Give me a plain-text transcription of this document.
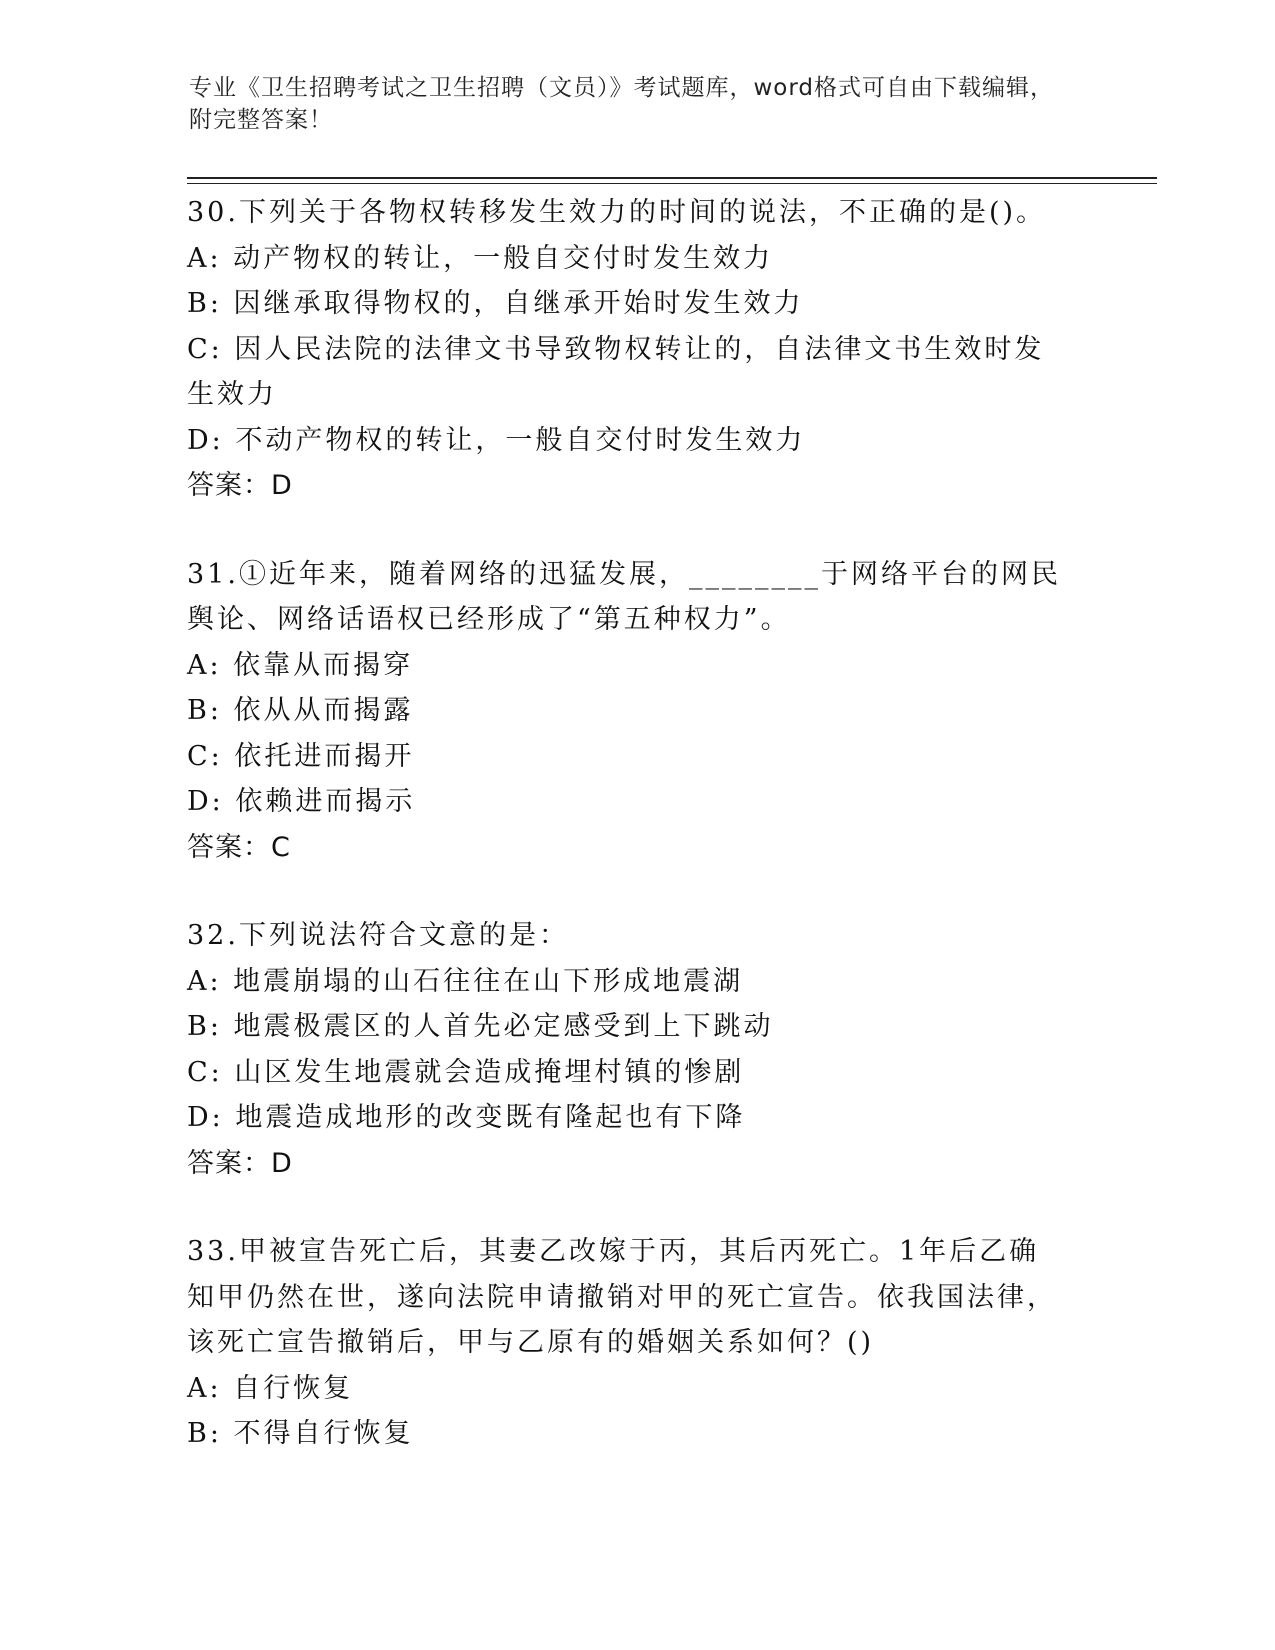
专业《卫生招聘考试之卫生招聘（文员）》考试题库，word格式可自由下载编辑，附完整答案！
30.下列关于各物权转移发生效力的时间的说法，不正确的是()。
A: 动产物权的转让，一般自交付时发生效力
B: 因继承取得物权的，自继承开始时发生效力
C: 因人民法院的法律文书导致物权转让的，自法律文书生效时发生效力
D: 不动产物权的转让，一般自交付时发生效力
答案：D
31.①近年来，随着网络的迅猛发展，________于网络平台的网民舆论、网络话语权已经形成了“第五种权力”。
A: 依靠从而揭穿
B: 依从从而揭露
C: 依托进而揭开
D: 依赖进而揭示
答案：C
32.下列说法符合文意的是：
A: 地震崩塌的山石往往在山下形成地震湖
B: 地震极震区的人首先必定感受到上下跳动
C: 山区发生地震就会造成掩埋村镇的惨剧
D: 地震造成地形的改变既有隆起也有下降
答案：D
33.甲被宣告死亡后，其妻乙改嫁于丙，其后丙死亡。1年后乙确知甲仍然在世，遂向法院申请撤销对甲的死亡宣告。依我国法律，该死亡宣告撤销后，甲与乙原有的婚姻关系如何？()
A: 自行恢复
B: 不得自行恢复
